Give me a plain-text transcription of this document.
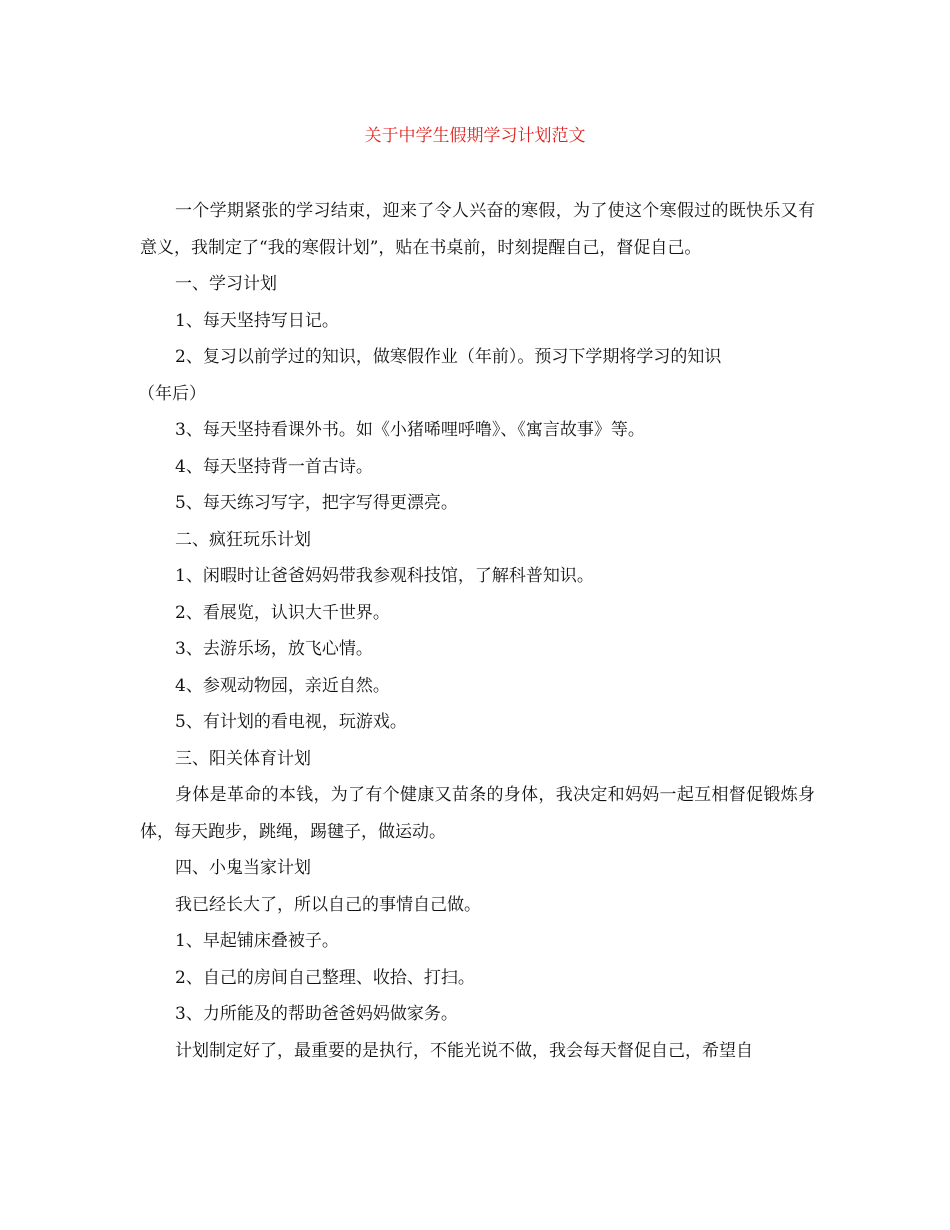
关于中学生假期学习计划范文

一个学期紧张的学习结束，迎来了令人兴奋的寒假，为了使这个寒假过的既快乐又有意义，我制定了“我的寒假计划”，贴在书桌前，时刻提醒自己，督促自己。

一、学习计划

1、每天坚持写日记。

2、复习以前学过的知识，做寒假作业（年前）。预习下学期将学习的知识

（年后）

3、每天坚持看课外书。如《小猪唏哩呼噜》、《寓言故事》等。

4、每天坚持背一首古诗。

5、每天练习写字，把字写得更漂亮。

二、疯狂玩乐计划

1、闲暇时让爸爸妈妈带我参观科技馆，了解科普知识。

2、看展览，认识大千世界。

3、去游乐场，放飞心情。

4、参观动物园，亲近自然。

5、有计划的看电视，玩游戏。

三、阳关体育计划

身体是革命的本钱，为了有个健康又苗条的身体，我决定和妈妈一起互相督促锻炼身体，每天跑步，跳绳，踢毽子，做运动。

四、小鬼当家计划

我已经长大了，所以自己的事情自己做。

1、早起铺床叠被子。

2、自己的房间自己整理、收拾、打扫。

3、力所能及的帮助爸爸妈妈做家务。

计划制定好了，最重要的是执行，不能光说不做，我会每天督促自己，希望自
